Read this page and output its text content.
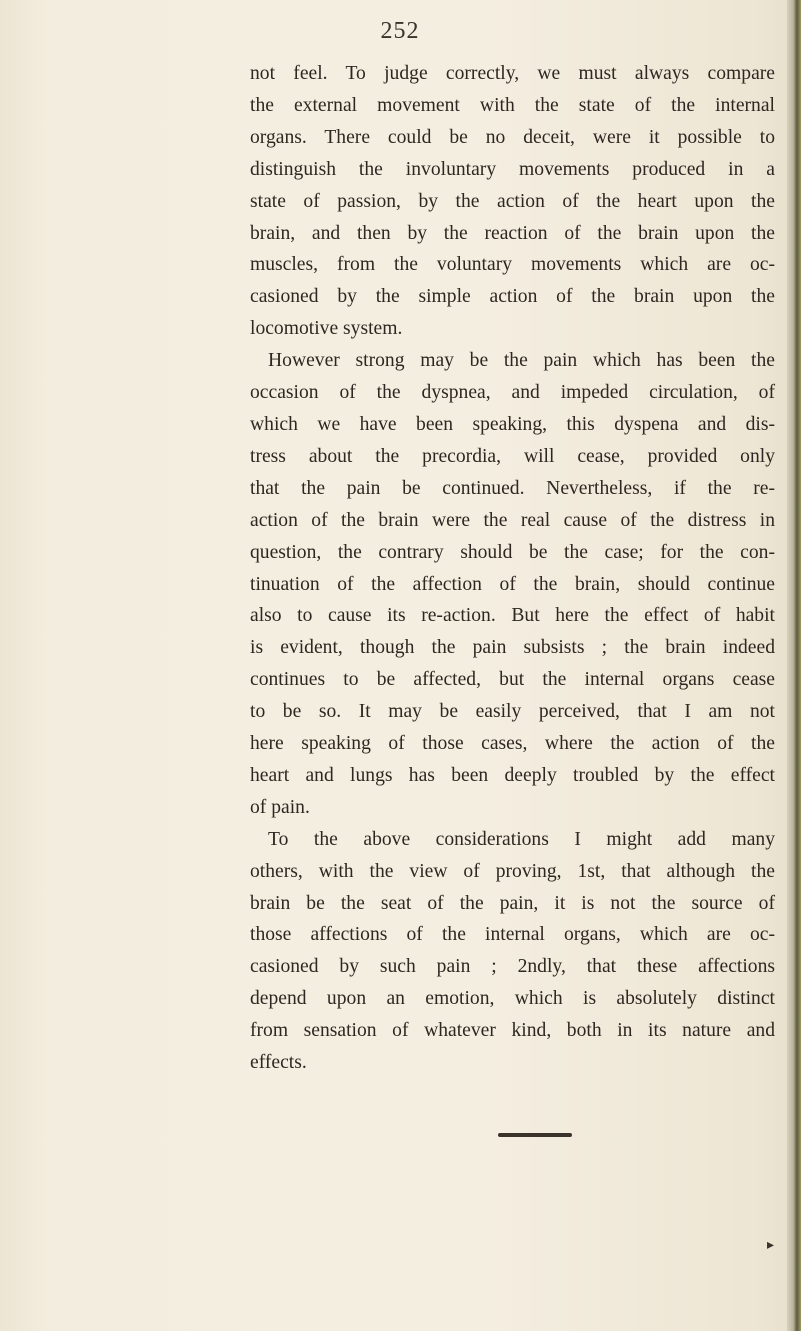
252

not feel. To judge correctly, we must always compare
the external movement with the state of the internal
organs. There could be no deceit, were it possible to
distinguish the involuntary movements produced in a
state of passion, by the action of the heart upon the
brain, and then by the reaction of the brain upon the
muscles, from the voluntary movements which are oc-
casioned by the simple action of the brain upon the
locomotive system.

However strong may be the pain which has been the
occasion of the dyspnea, and impeded circulation, of
which we have been speaking, this dyspena and dis-
tress about the precordia, will cease, provided only
that the pain be continued. Nevertheless, if the re-
action of the brain were the real cause of the distress in
question, the contrary should be the case; for the con-
tinuation of the affection of the brain, should continue
also to cause its re-action. But here the effect of habit
is evident, though the pain subsists ; the brain indeed
continues to be affected, but the internal organs cease
to be so. It may be easily perceived, that I am not
here speaking of those cases, where the action of the
heart and lungs has been deeply troubled by the effect
of pain.

To the above considerations I might add many
others, with the view of proving, 1st, that although the
brain be the seat of the pain, it is not the source of
those affections of the internal organs, which are oc-
casioned by such pain ; 2ndly, that these affections
depend upon an emotion, which is absolutely distinct
from sensation of whatever kind, both in its nature and
effects.

▸
